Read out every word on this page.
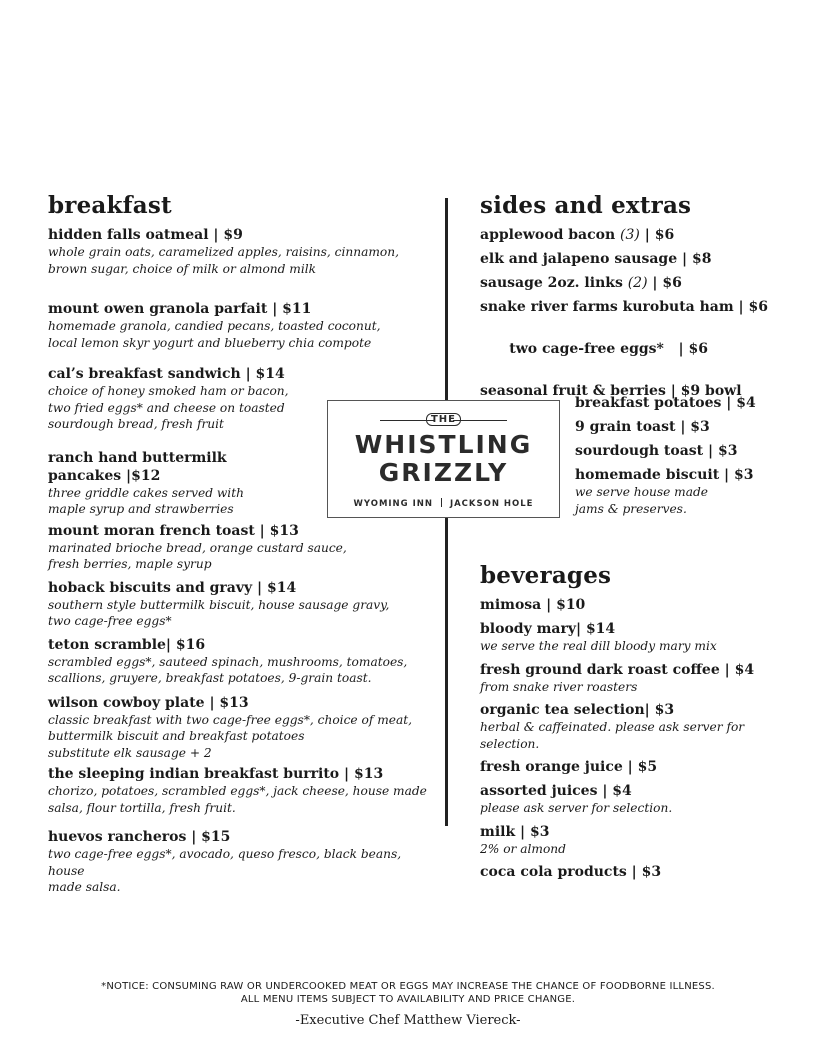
breakfast
hidden falls oatmeal | $9
whole grain oats, caramelized apples, raisins, cinnamon,
brown sugar, choice of milk or almond milk
mount owen granola parfait | $11
homemade granola, candied pecans, toasted coconut,
local lemon skyr yogurt and blueberry chia compote
cal’s breakfast sandwich | $14
choice of honey smoked ham or bacon,
two fried eggs* and cheese on toasted
sourdough bread, fresh fruit
ranch hand buttermilk
pancakes |$12
three griddle cakes served with
maple syrup and strawberries
mount moran french toast | $13
marinated brioche bread, orange custard sauce,
fresh berries, maple syrup
hoback biscuits and gravy | $14
southern style buttermilk biscuit, house sausage gravy,
two cage-free eggs*
teton scramble| $16
scrambled eggs*, sauteed spinach, mushrooms, tomatoes,
scallions, gruyere, breakfast potatoes, 9-grain toast.
wilson cowboy plate | $13
classic breakfast with two cage-free eggs*, choice of meat,
buttermilk biscuit and breakfast potatoes
substitute elk sausage + 2
the sleeping indian breakfast burrito | $13
chorizo, potatoes, scrambled eggs*, jack cheese, house made
salsa, flour tortilla, fresh fruit.
huevos rancheros | $15
two cage-free eggs*, avocado, queso fresco, black beans, house
made salsa.
sides and extras
applewood bacon (3) | $6
elk and jalapeno sausage | $8
sausage 2oz. links (2) | $6
snake river farms kurobuta ham | $6

two cage-free eggs*   | $6

seasonal fruit & berries | $9 bowl
breakfast potatoes | $4
9 grain toast | $3
sourdough toast | $3
homemade biscuit | $3
we serve house made
jams & preserves.
THE
WHISTLING
GRIZZLY
WYOMING INN JACKSON HOLE
beverages
mimosa | $10
bloody mary| $14
we serve the real dill bloody mary mix
fresh ground dark roast coffee | $4
from snake river roasters
organic tea selection| $3
herbal & caffeinated. please ask server for
selection.
fresh orange juice | $5
assorted juices | $4
please ask server for selection.
milk | $3
2% or almond
coca cola products | $3
*NOTICE: CONSUMING RAW OR UNDERCOOKED MEAT OR EGGS MAY INCREASE THE CHANCE OF FOODBORNE ILLNESS.
ALL MENU ITEMS SUBJECT TO AVAILABILITY AND PRICE CHANGE.
-Executive Chef Matthew Viereck-
